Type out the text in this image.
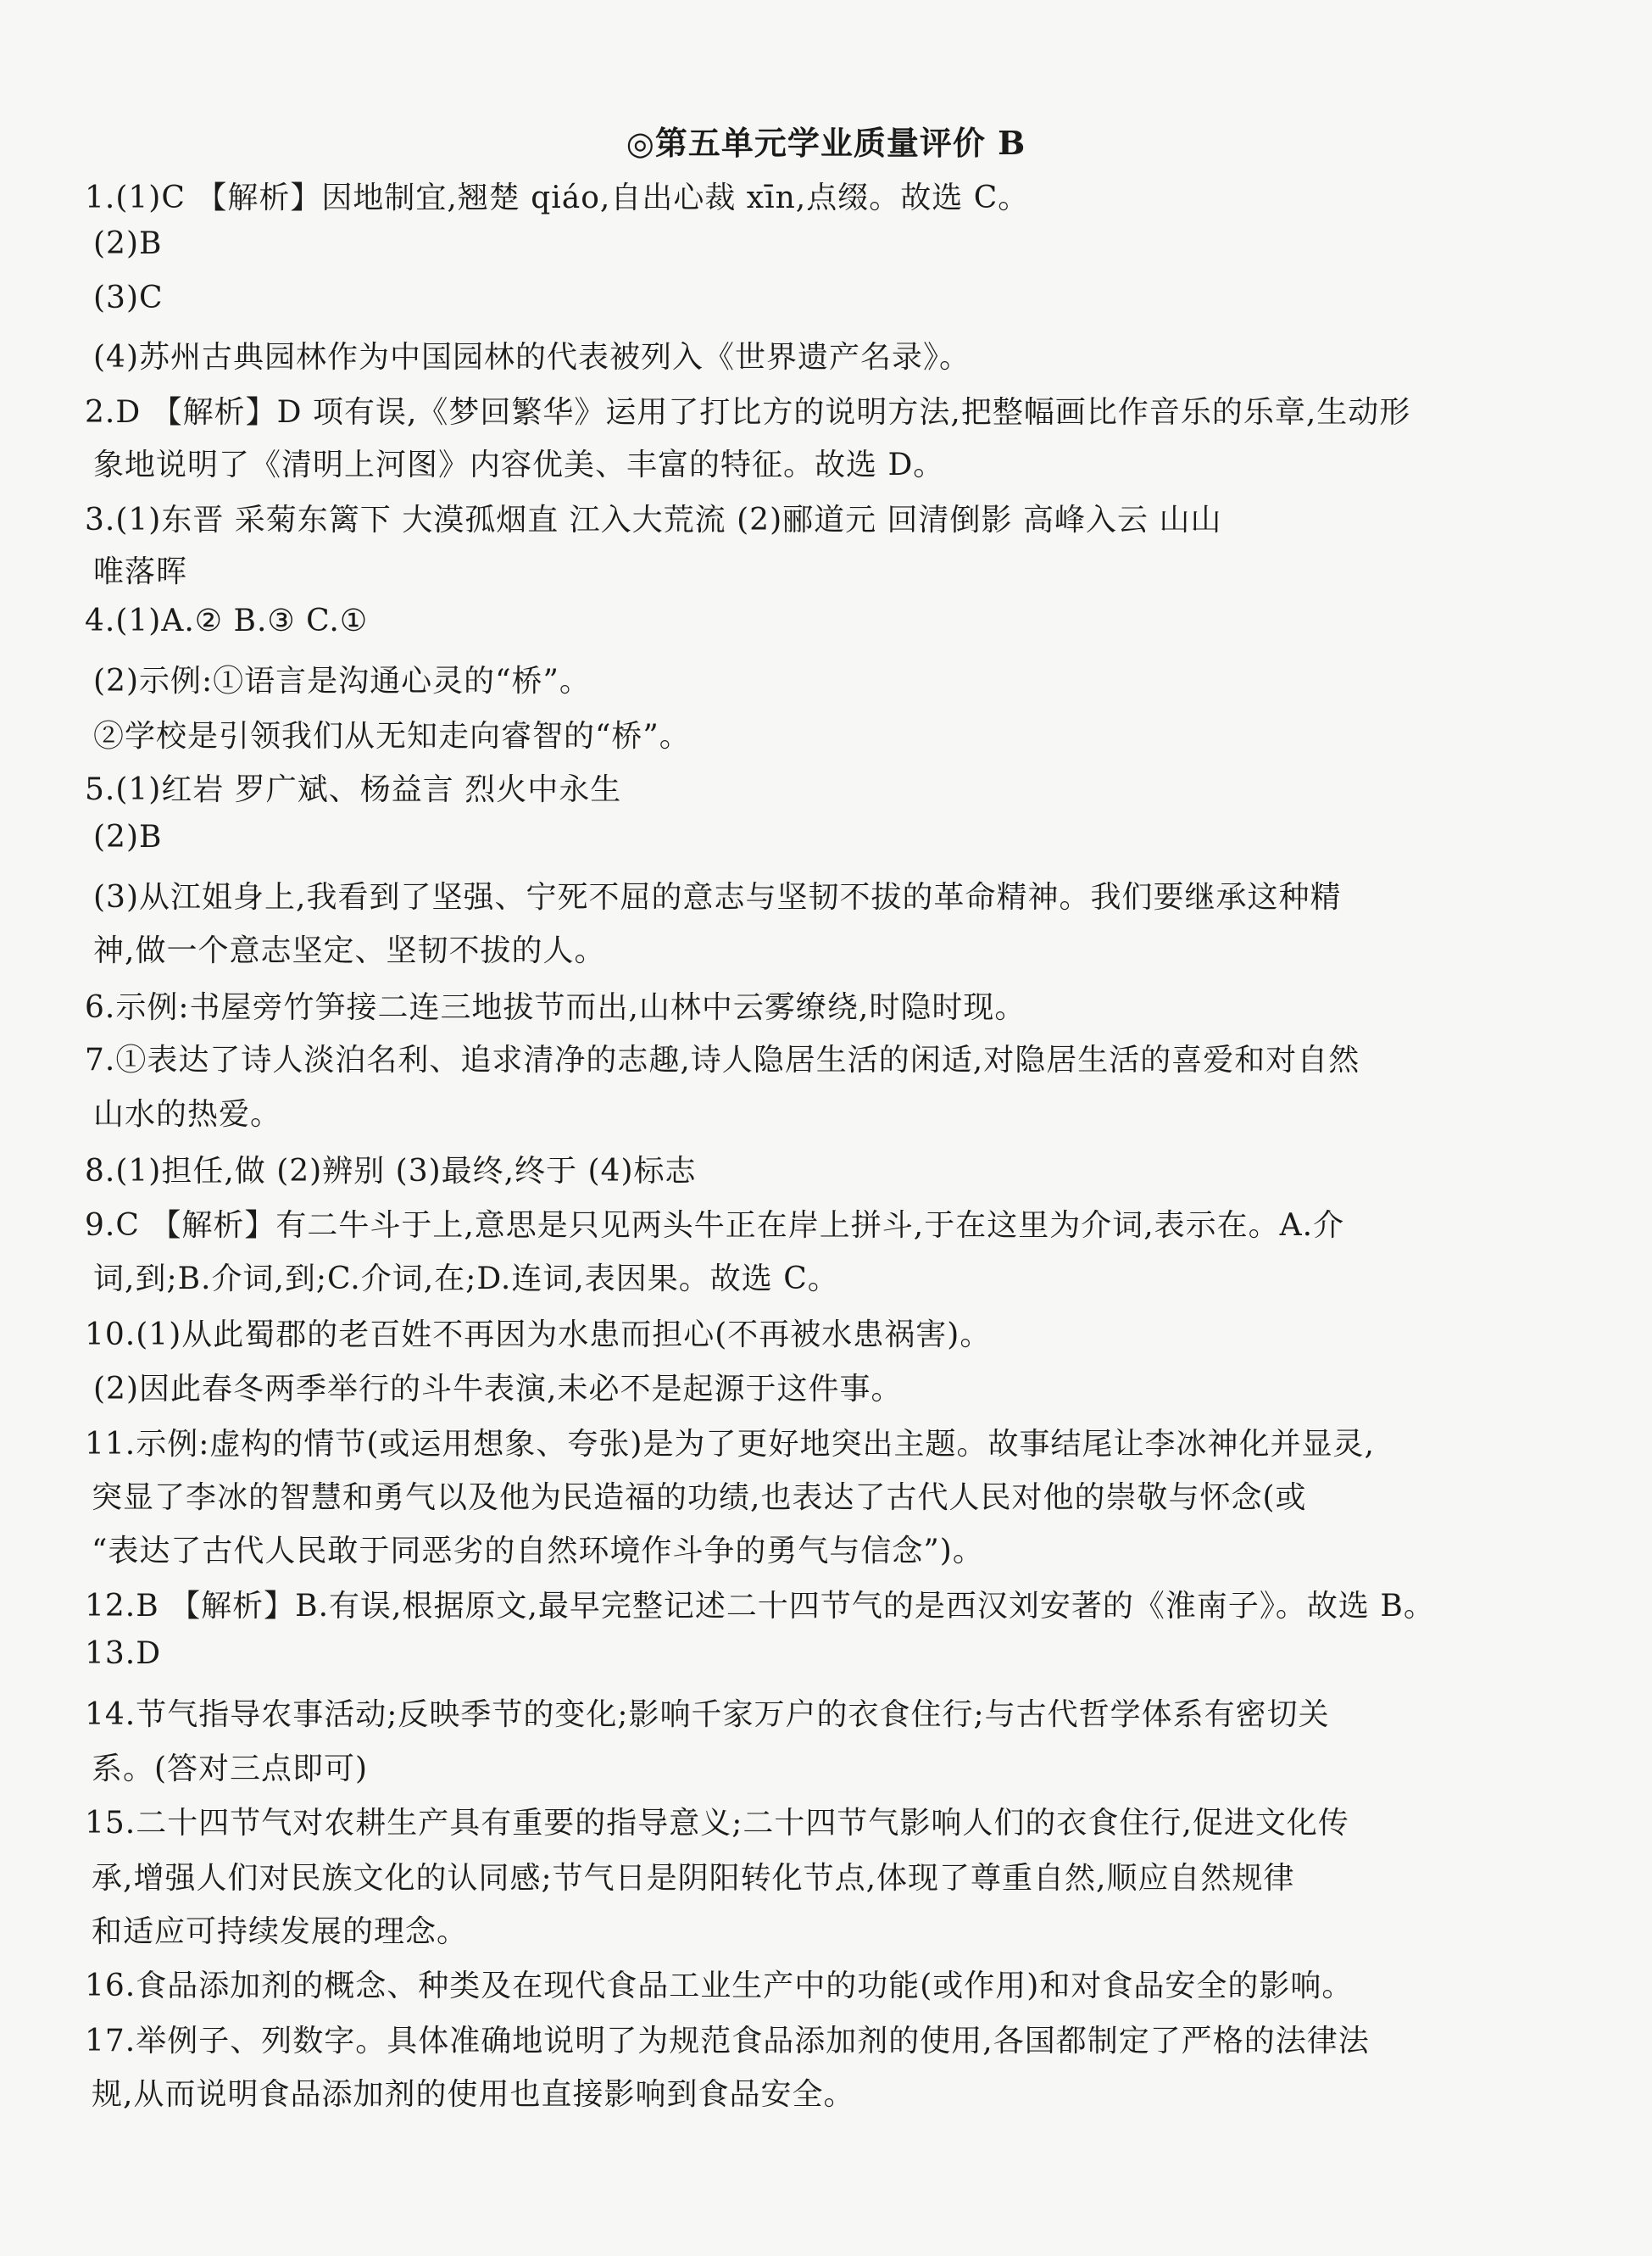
◎第五单元学业质量评价 B
1.(1)C 【解析】因地制宜,翘楚 qiáo,自出心裁 xīn,点缀。故选 C。
(2)B
(3)C
(4)苏州古典园林作为中国园林的代表被列入《世界遗产名录》。
2.D 【解析】D 项有误,《梦回繁华》运用了打比方的说明方法,把整幅画比作音乐的乐章,生动形
象地说明了《清明上河图》内容优美、丰富的特征。故选 D。
3.(1)东晋 采菊东篱下 大漠孤烟直 江入大荒流 (2)郦道元 回清倒影 高峰入云 山山
唯落晖
4.(1)A.② B.③ C.①
(2)示例:①语言是沟通心灵的“桥”。
②学校是引领我们从无知走向睿智的“桥”。
5.(1)红岩 罗广斌、杨益言 烈火中永生
(2)B
(3)从江姐身上,我看到了坚强、宁死不屈的意志与坚韧不拔的革命精神。我们要继承这种精
神,做一个意志坚定、坚韧不拔的人。
6.示例:书屋旁竹笋接二连三地拔节而出,山林中云雾缭绕,时隐时现。
7.①表达了诗人淡泊名利、追求清净的志趣,诗人隐居生活的闲适,对隐居生活的喜爱和对自然
山水的热爱。
8.(1)担任,做 (2)辨别 (3)最终,终于 (4)标志
9.C 【解析】有二牛斗于上,意思是只见两头牛正在岸上拼斗,于在这里为介词,表示在。A.介
词,到;B.介词,到;C.介词,在;D.连词,表因果。故选 C。
10.(1)从此蜀郡的老百姓不再因为水患而担心(不再被水患祸害)。
(2)因此春冬两季举行的斗牛表演,未必不是起源于这件事。
11.示例:虚构的情节(或运用想象、夸张)是为了更好地突出主题。故事结尾让李冰神化并显灵,
突显了李冰的智慧和勇气以及他为民造福的功绩,也表达了古代人民对他的崇敬与怀念(或
“表达了古代人民敢于同恶劣的自然环境作斗争的勇气与信念”)。
12.B 【解析】B.有误,根据原文,最早完整记述二十四节气的是西汉刘安著的《淮南子》。故选 B。
13.D
14.节气指导农事活动;反映季节的变化;影响千家万户的衣食住行;与古代哲学体系有密切关
系。(答对三点即可)
15.二十四节气对农耕生产具有重要的指导意义;二十四节气影响人们的衣食住行,促进文化传
承,增强人们对民族文化的认同感;节气日是阴阳转化节点,体现了尊重自然,顺应自然规律
和适应可持续发展的理念。
16.食品添加剂的概念、种类及在现代食品工业生产中的功能(或作用)和对食品安全的影响。
17.举例子、列数字。具体准确地说明了为规范食品添加剂的使用,各国都制定了严格的法律法
规,从而说明食品添加剂的使用也直接影响到食品安全。
